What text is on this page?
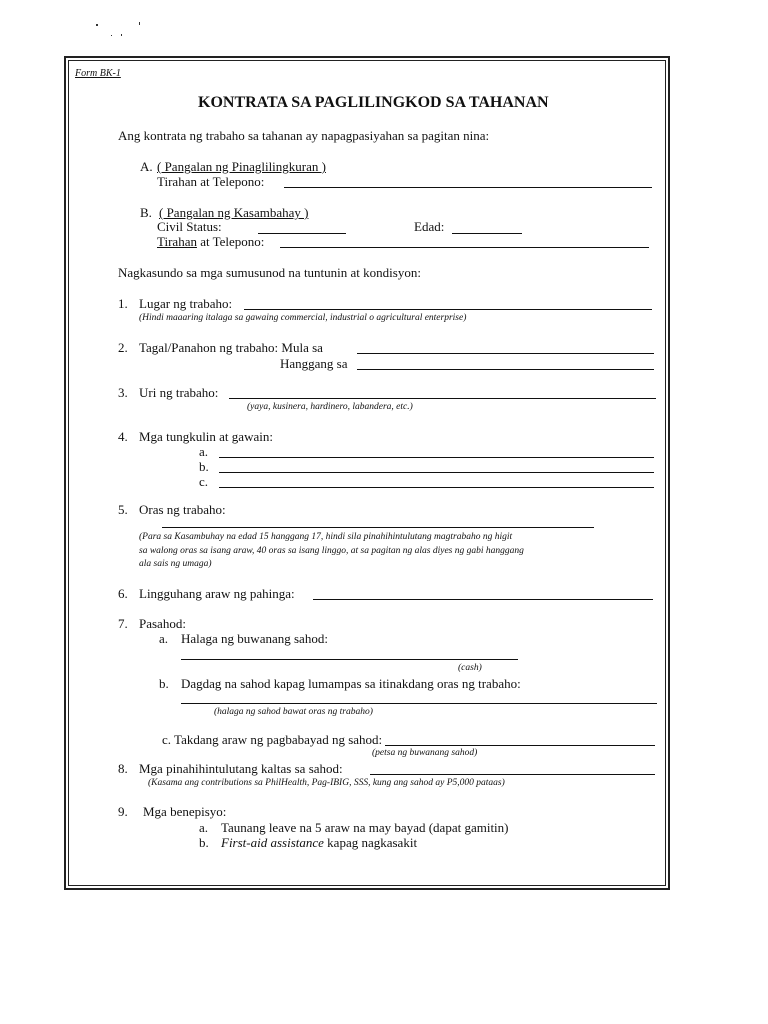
Form BK-1
KONTRATA SA PAGLILINGKOD SA TAHANAN
Ang kontrata ng trabaho sa tahanan ay napagpasiyahan sa pagitan nina:
A. ( Pangalan ng Pinaglilingkuran )
Tirahan at Telepono:
B. ( Pangalan ng Kasambahay )
Civil Status:	Edad:
Tirahan at Telepono:
Nagkasundo sa mga sumusunod na tuntunin at kondisyon:
1. Lugar ng trabaho:
(Hindi maaaring italaga sa gawaing commercial, industrial o agricultural enterprise)
2. Tagal/Panahon ng trabaho: Mula sa
Hanggang sa
3. Uri ng trabaho:
(yaya, kusinera, hardinero, labandera, etc.)
4. Mga tungkulin at gawain:
a.
b.
c.
5. Oras ng trabaho:
(Para sa Kasambuhay na edad 15 hanggang 17, hindi sila pinahihintulutang magtrabaho ng higit
sa walong oras sa isang araw, 40 oras sa isang linggo, at sa pagitan ng alas diyes ng gabi hanggang
ala sais ng umaga)
6. Lingguhang araw ng pahinga:
7. Pasahod:
a. Halaga ng buwanang sahod:
(cash)
b. Dagdag na sahod kapag lumampas sa itinakdang oras ng trabaho:
(halaga ng sahod bawat oras ng trabaho)
c. Takdang araw ng pagbabayad ng sahod:
(petsa ng buwanang sahod)
8. Mga pinahihintulutang kaltas sa sahod:
(Kasama ang contributions sa PhilHealth, Pag-IBIG, SSS, kung ang sahod ay P5,000 pataas)
9. Mga benepisyo:
a. Taunang leave na 5 araw na may bayad (dapat gamitin)
b. First-aid assistance kapag nagkasakit
